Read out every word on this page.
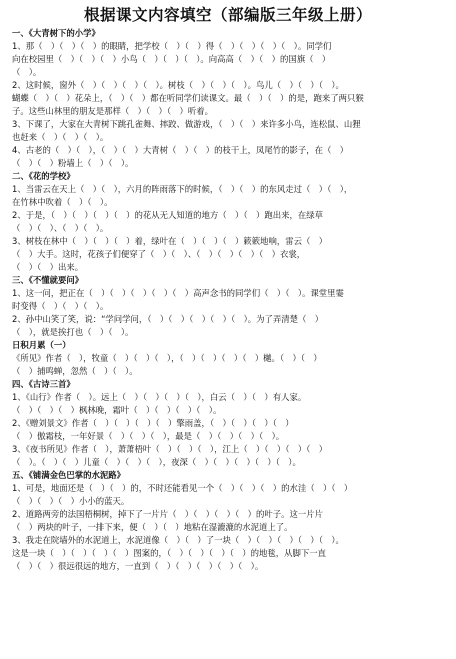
根据课文内容填空（部编版三年级上册）
一、《大青树下的小学》
1、那（　）（　）（　）的眼睛，把学校（　）（　）得（　）（　）（　）（　）。同学们
向在校园里（　）（　）（　）小鸟（　）（　）（　）。向高高（　）（　）的国旗（　）
（　）。
2、这时候，窗外（　）（　）（　）（　）。树枝（　）（　）（　）。鸟儿（　）（　）（　）。
蝴蝶（　）（　）花朵上，（　）（　）都在听同学们读课文。最（　）（　）的是，跑来了两只猴
子。这些山林里的朋友是那样（　）（　）（　）听着。
3、下课了，大家在大青树下跳孔雀舞、摔跤、做游戏，（　）（　）来许多小鸟，连松鼠、山狸
也赶来（　）（　）（　）。
4、古老的（　）（　），（　）（　）大青树（　）（　）的枝干上，凤尾竹的影子，在（　）
（　）（　）粉墙上（　）（　）。
二、《花的学校》
1、当雷云在天上（　）（　），六月的阵雨落下的时候，（　）（　）的东风走过（　）（　），
在竹林中吹着（　）（　）。
2、于是，（　）（　）（　）（　）的花从无人知道的地方（　）（　）跑出来，在绿草
（　）（　）、（　）（　）。
3、树枝在林中（　）（　）（　）着，绿叶在（　）（　）（　）簌簌地响，雷云（　）
（　）大手。这时，花孩子们便穿了（　）（　）、（　）（　）（　）（　）衣裳，
（　）（　）出来。
三、《不懂就要问》
1、这一问，把正在（　）（　）（　）（　）（　）高声念书的同学们（　）（　）。课堂里霎
时变得（　）（　）（　）。
2、孙中山笑了笑，说：“学问学问，（　）（　）（　）（　）（　）。为了弄清楚（　）
（　），就是挨打也（　）（　）。
日积月累（一）
《所见》作者（　），牧童（　）（　）（　），（　）（　）（　）（　）樾。（　）（　）
（　）捕鸣蝉，忽然（　）（　）。
四、《古诗三首》
1、《山行》作者（　）。远上（　）（　）（　）（　），白云（　）（　）有人家。
（　）（　）（　）枫林晚，霜叶（　）（　）（　）（　）。
2、《赠刘景文》作者（　）（　）（　）（　）擎雨盖，（　）（　）（　）（　）
（　）傲霜枝，一年好景（　）（　）（　），最是（　）（　）（　）（　）。
3、《夜书所见》作者（　），萧萧梧叶（　）（　）（　），江上（　）（　）（　）（　）
（　）。（　）（　）儿童（　）（　）（　），夜深（　）（　）（　）（　）（　）。
五、《铺满金色巴掌的水泥路》
1、可是，地面还是（　）（　）的，不时还能看见一个（　）（　）（　）的水洼（　）（　）
（　）（　）（　）小小的蓝天。
2、道路两旁的法国梧桐树，掉下了一片片（　）（　）（　）（　）的叶子。这一片片
（　）两块的叶子，一排下来，便（　）（　）地粘在湿漉漉的水泥道上了。
3、我走在院墙外的水泥道上，水泥道像（　）（　）了一块（　）（　）（　）（　）（　）。
这是一块（　）（　）（　）（　）图案的，（　）（　）（　）（　）的地毯，从脚下一直
（　）（　）很远很远的地方，一直到（　）（　）（　）（　）（　）。
